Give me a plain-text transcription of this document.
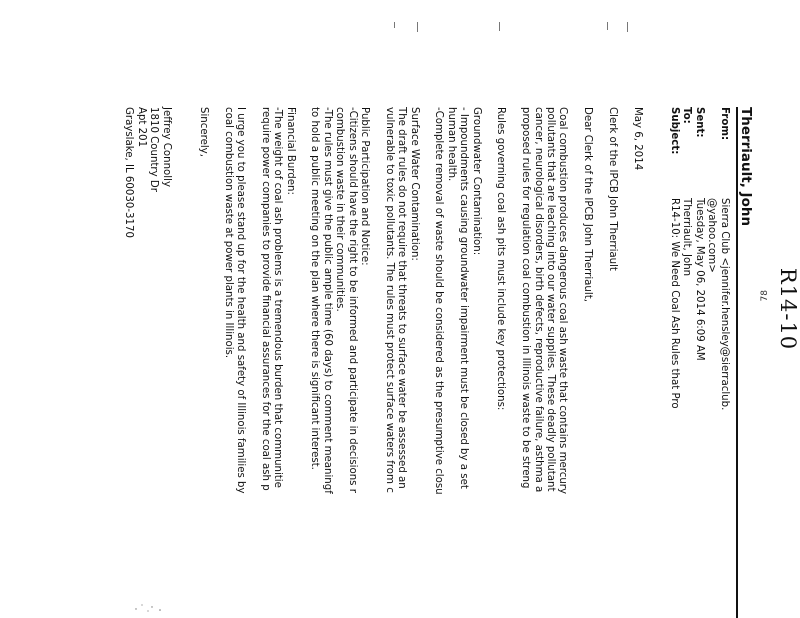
R14-10
Therriault, John
From:
Sierra Club <jennifer.hensley@sierraclub.
@yahoo.com>
Sent:
Tuesday, May 06, 2014 6:09 AM
To:
Therriault, John
Subject:
R14-10: We Need Coal Ash Rules that Pro
May 6, 2014
Clerk of the IPCB John Therriault
Dear Clerk of the IPCB John Therriault,
Coal combustion produces dangerous coal ash waste that contains mercury
pollutants that are leaching into our water supplies. These deadly pollutant
cancer, neurological disorders, birth defects, reproductive failure, asthma a
proposed rules for regulation coal combustion in Illinois waste to be streng
Rules governing coal ash pits must include key protections:
Groundwater Contamination:
- Impoundments causing groundwater impairment must be closed by a set
human health.
-Complete removal of waste should be considered as the presumptive closu
Surface Water Contamination:
The draft rules do not require that threats to surface water be assessed an
vulnerable to toxic pollutants. The rules must protect surface waters from c
Public Participation and Notice:
-Citizens should have the right to be informed and participate in decisions r
combustion waste in their communities.
-The rules must give the public ample time (60 days) to comment meaningf
to hold a public meeting on the plan where there is significant interest.
Financial Burden:
-The weight of coal ash problems is a tremendous burden that communitie
require power companies to provide financial assurances for the coal ash p
I urge you to please stand up for the health and safety of Illinois families by
coal combustion waste at power plants in Illinois.
Sincerely,
Jeffrey Connolly
1810 Country Dr
Apt 201
Grayslake, IL 60030-3170
78
